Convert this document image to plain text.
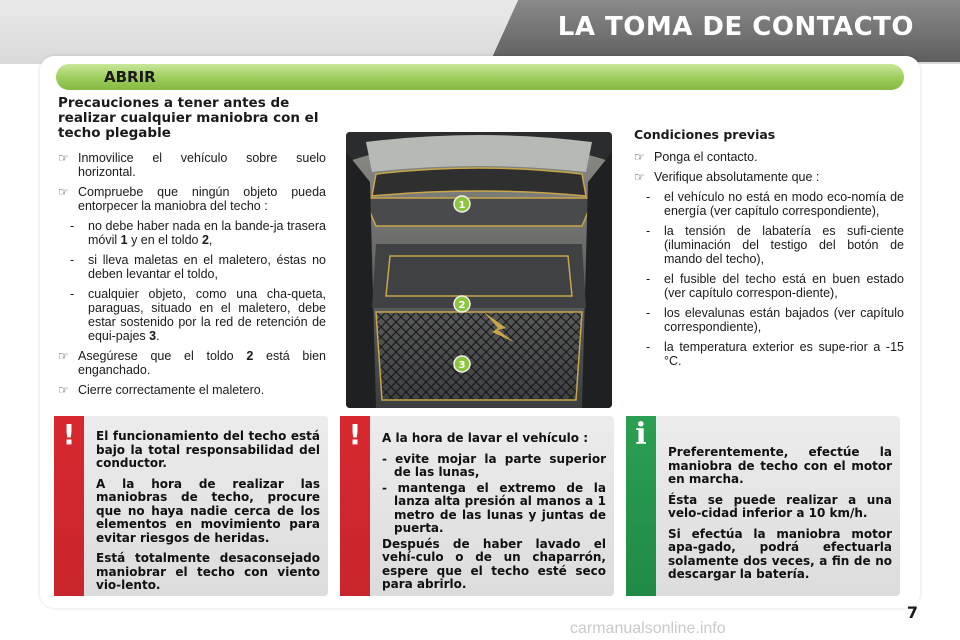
LA TOMA DE CONTACTO
ABRIR
Precauciones a tener antes de realizar cualquier maniobra con el techo plegable
☞ Inmovilice el vehículo sobre suelo horizontal.
☞ Compruebe que ningún objeto pueda entorpecer la maniobra del techo :
- no debe haber nada en la bande-ja trasera móvil 1 y en el toldo 2,
- si lleva maletas en el maletero, éstas no deben levantar el toldo,
- cualquier objeto, como una cha-queta, paraguas, situado en el maletero, debe estar sostenido por la red de retención de equi-pajes 3.
☞ Asegúrese que el toldo 2 está bien enganchado.
☞ Cierre correctamente el maletero.
1
2
3
Condiciones previas
☞ Ponga el contacto.
☞ Verifique absolutamente que :
- el vehículo no está en modo eco-nomía de energía (ver capítulo correspondiente),
- la tensión de labatería es sufi-ciente (iluminación del testigo del botón de mando del techo),
- el fusible del techo está en buen estado (ver capítulo correspon-diente),
- los elevalunas están bajados (ver capítulo correspondiente),
- la temperatura exterior es supe-rior a -15 °C.
!	El funcionamiento del techo está bajo la total responsabilidad del conductor.

A la hora de realizar las maniobras de techo, procure que no haya nadie cerca de los elementos en movimiento para evitar riesgos de heridas.

Está totalmente desaconsejado maniobrar el techo con viento vio-lento.

!	A la hora de lavar el vehículo :

- evite mojar la parte superior de las lunas,

- mantenga el extremo de la lanza alta presión al manos a 1 metro de las lunas y juntas de puerta.

Después de haber lavado el vehí-culo o de un chaparrón, espere que el techo esté seco para abrirlo.

i	Preferentemente, efectúe la maniobra de techo con el motor en marcha.

Ésta se puede realizar a una velo-cidad inferior a 10 km/h.

Si efectúa la maniobra motor apa-gado, podrá efectuarla solamente dos veces, a fin de no descargar la batería.

7
carmanualsonline.info
